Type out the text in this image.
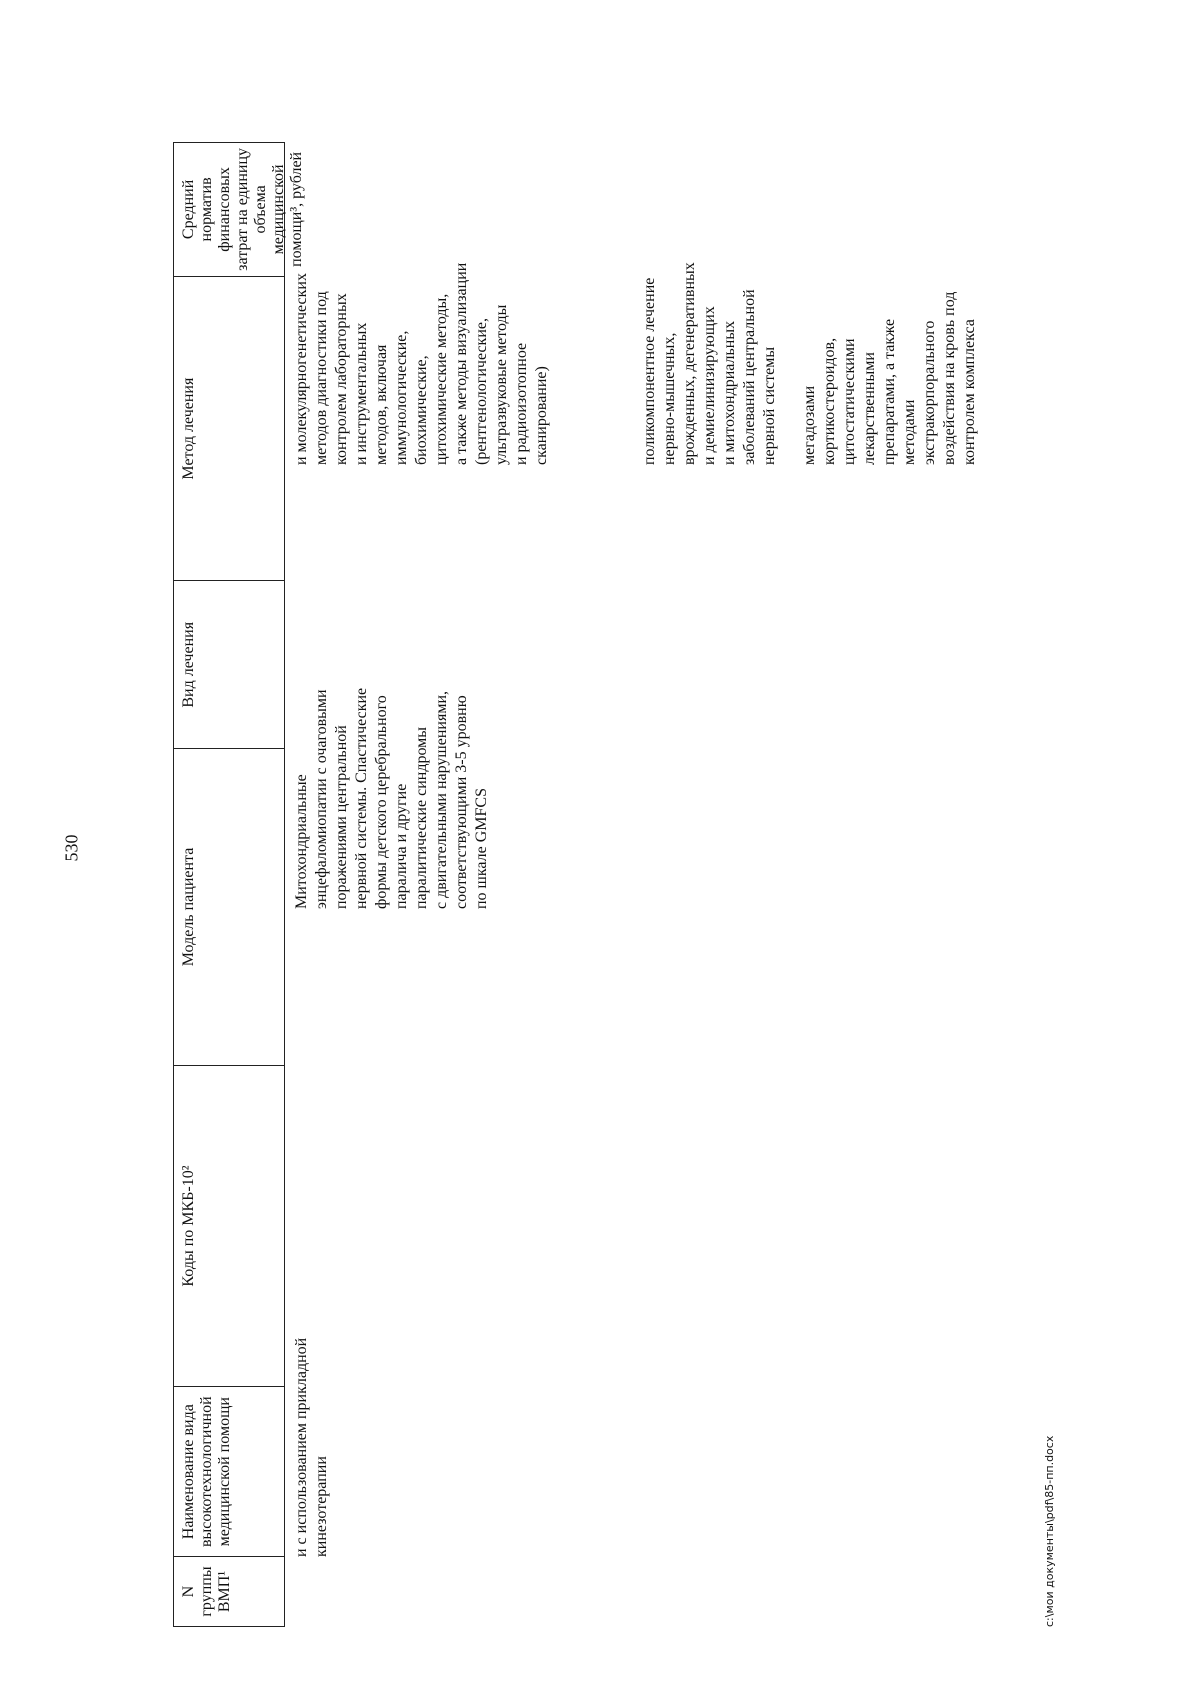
530
N группы ВМП¹
Наименование вида высокотехнологичной медицинской помощи
Коды по МКБ-10²
Модель пациента
Вид лечения
Метод лечения
Средний норматив финансовых затрат на единицу объема медицинской помощи³, рублей
и с использованием прикладной
кинезотерапии
Митохондриальные
энцефаломиопатии с очаговыми
поражениями центральной
нервной системы. Спастические
формы детского церебрального
паралича и другие
паралитические синдромы
с двигательными нарушениями,
соответствующими 3-5 уровню
по шкале GMFCS
и молекулярногенетических
методов диагностики под
контролем лабораторных
и инструментальных
методов, включая
иммунологические,
биохимические,
цитохимические методы,
а также методы визуализации
(рентгенологические,
ультразвуковые методы
и радиоизотопное
сканирование)	поликомпонентное лечение
нервно-мышечных,
врожденных, дегенеративных
и демиелинизирующих
и митохондриальных
заболеваний центральной
нервной системы

мегадозами
кортикостероидов,
цитостатическими
лекарственными
препаратами, а также
методами
экстракорпорального
воздействия на кровь под
контролем комплекса
c:\мои документы\pdf\85-пп.docx
